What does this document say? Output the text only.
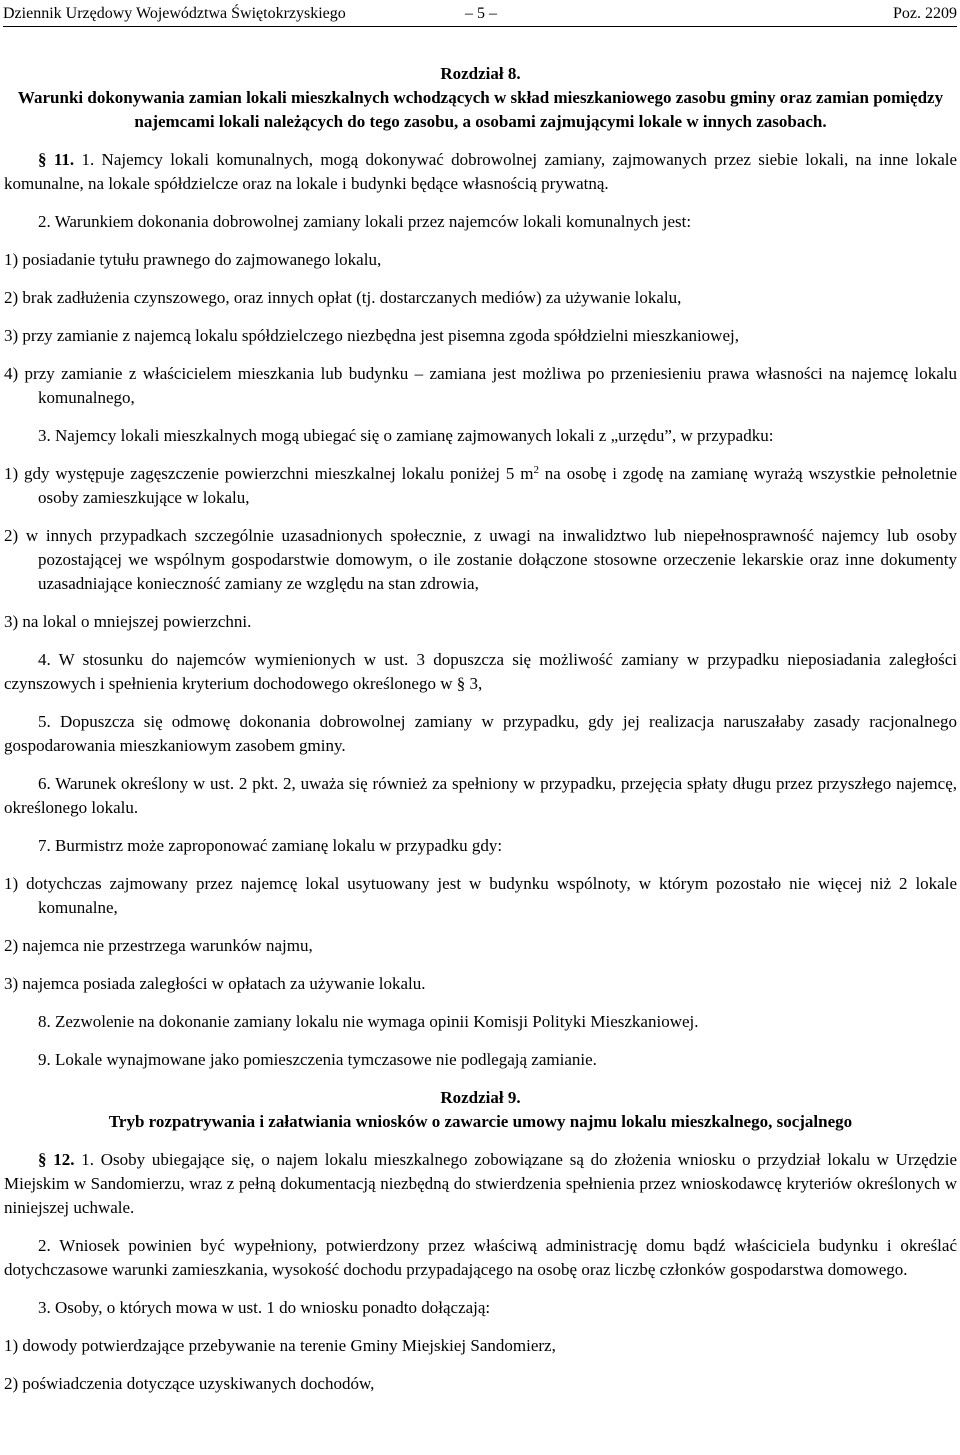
Dziennik Urzędowy Województwa Świętokrzyskiego	– 5 –	Poz. 2209

Rozdział 8.

Warunki dokonywania zamian lokali mieszkalnych wchodzących w skład mieszkaniowego zasobu gminy oraz zamian pomiędzy najemcami lokali należących do tego zasobu, a osobami zajmującymi lokale w innych zasobach.

§ 11. 1. Najemcy lokali komunalnych, mogą dokonywać dobrowolnej zamiany, zajmowanych przez siebie lokali, na inne lokale komunalne, na lokale spółdzielcze oraz na lokale i budynki będące własnością prywatną.

2. Warunkiem dokonania dobrowolnej zamiany lokali przez najemców lokali komunalnych jest:

1) posiadanie tytułu prawnego do zajmowanego lokalu,

2) brak zadłużenia czynszowego, oraz innych opłat (tj. dostarczanych mediów) za używanie lokalu,

3) przy zamianie z najemcą lokalu spółdzielczego niezbędna jest pisemna zgoda spółdzielni mieszkaniowej,

4) przy zamianie z właścicielem mieszkania lub budynku – zamiana jest możliwa po przeniesieniu prawa własności na najemcę lokalu komunalnego,

3. Najemcy lokali mieszkalnych mogą ubiegać się o zamianę zajmowanych lokali z „urzędu”, w przypadku:

1) gdy występuje zagęszczenie powierzchni mieszkalnej lokalu poniżej 5 $m^2$ na osobę i zgodę na zamianę wyrażą wszystkie pełnoletnie osoby zamieszkujące w lokalu,

2) w innych przypadkach szczególnie uzasadnionych społecznie, z uwagi na inwalidztwo lub niepełnosprawność najemcy lub osoby pozostającej we wspólnym gospodarstwie domowym, o ile zostanie dołączone stosowne orzeczenie lekarskie oraz inne dokumenty uzasadniające konieczność zamiany ze względu na stan zdrowia,

3) na lokal o mniejszej powierzchni.

4. W stosunku do najemców wymienionych w ust. 3 dopuszcza się możliwość zamiany w przypadku nieposiadania zaległości czynszowych i spełnienia kryterium dochodowego określonego w § 3,

5. Dopuszcza się odmowę dokonania dobrowolnej zamiany w przypadku, gdy jej realizacja naruszałaby zasady racjonalnego gospodarowania mieszkaniowym zasobem gminy.

6. Warunek określony w ust. 2 pkt. 2, uważa się również za spełniony w przypadku, przejęcia spłaty długu przez przyszłego najemcę, określonego lokalu.

7. Burmistrz może zaproponować zamianę lokalu w przypadku gdy:

1) dotychczas zajmowany przez najemcę lokal usytuowany jest w budynku wspólnoty, w którym pozostało nie więcej niż 2 lokale komunalne,

2) najemca nie przestrzega warunków najmu,

3) najemca posiada zaległości w opłatach za używanie lokalu.

8. Zezwolenie na dokonanie zamiany lokalu nie wymaga opinii Komisji Polityki Mieszkaniowej.

9. Lokale wynajmowane jako pomieszczenia tymczasowe nie podlegają zamianie.

Rozdział 9.

Tryb rozpatrywania i załatwiania wniosków o zawarcie umowy najmu lokalu mieszkalnego, socjalnego

§ 12. 1. Osoby ubiegające się, o najem lokalu mieszkalnego zobowiązane są do złożenia wniosku o przydział lokalu w Urzędzie Miejskim w Sandomierzu, wraz z pełną dokumentacją niezbędną do stwierdzenia spełnienia przez wnioskodawcę kryteriów określonych w niniejszej uchwale.

2. Wniosek powinien być wypełniony, potwierdzony przez właściwą administrację domu bądź właściciela budynku i określać dotychczasowe warunki zamieszkania, wysokość dochodu przypadającego na osobę oraz liczbę członków gospodarstwa domowego.

3. Osoby, o których mowa w ust. 1 do wniosku ponadto dołączają:

1) dowody potwierdzające przebywanie na terenie Gminy Miejskiej Sandomierz,

2) poświadczenia dotyczące uzyskiwanych dochodów,
